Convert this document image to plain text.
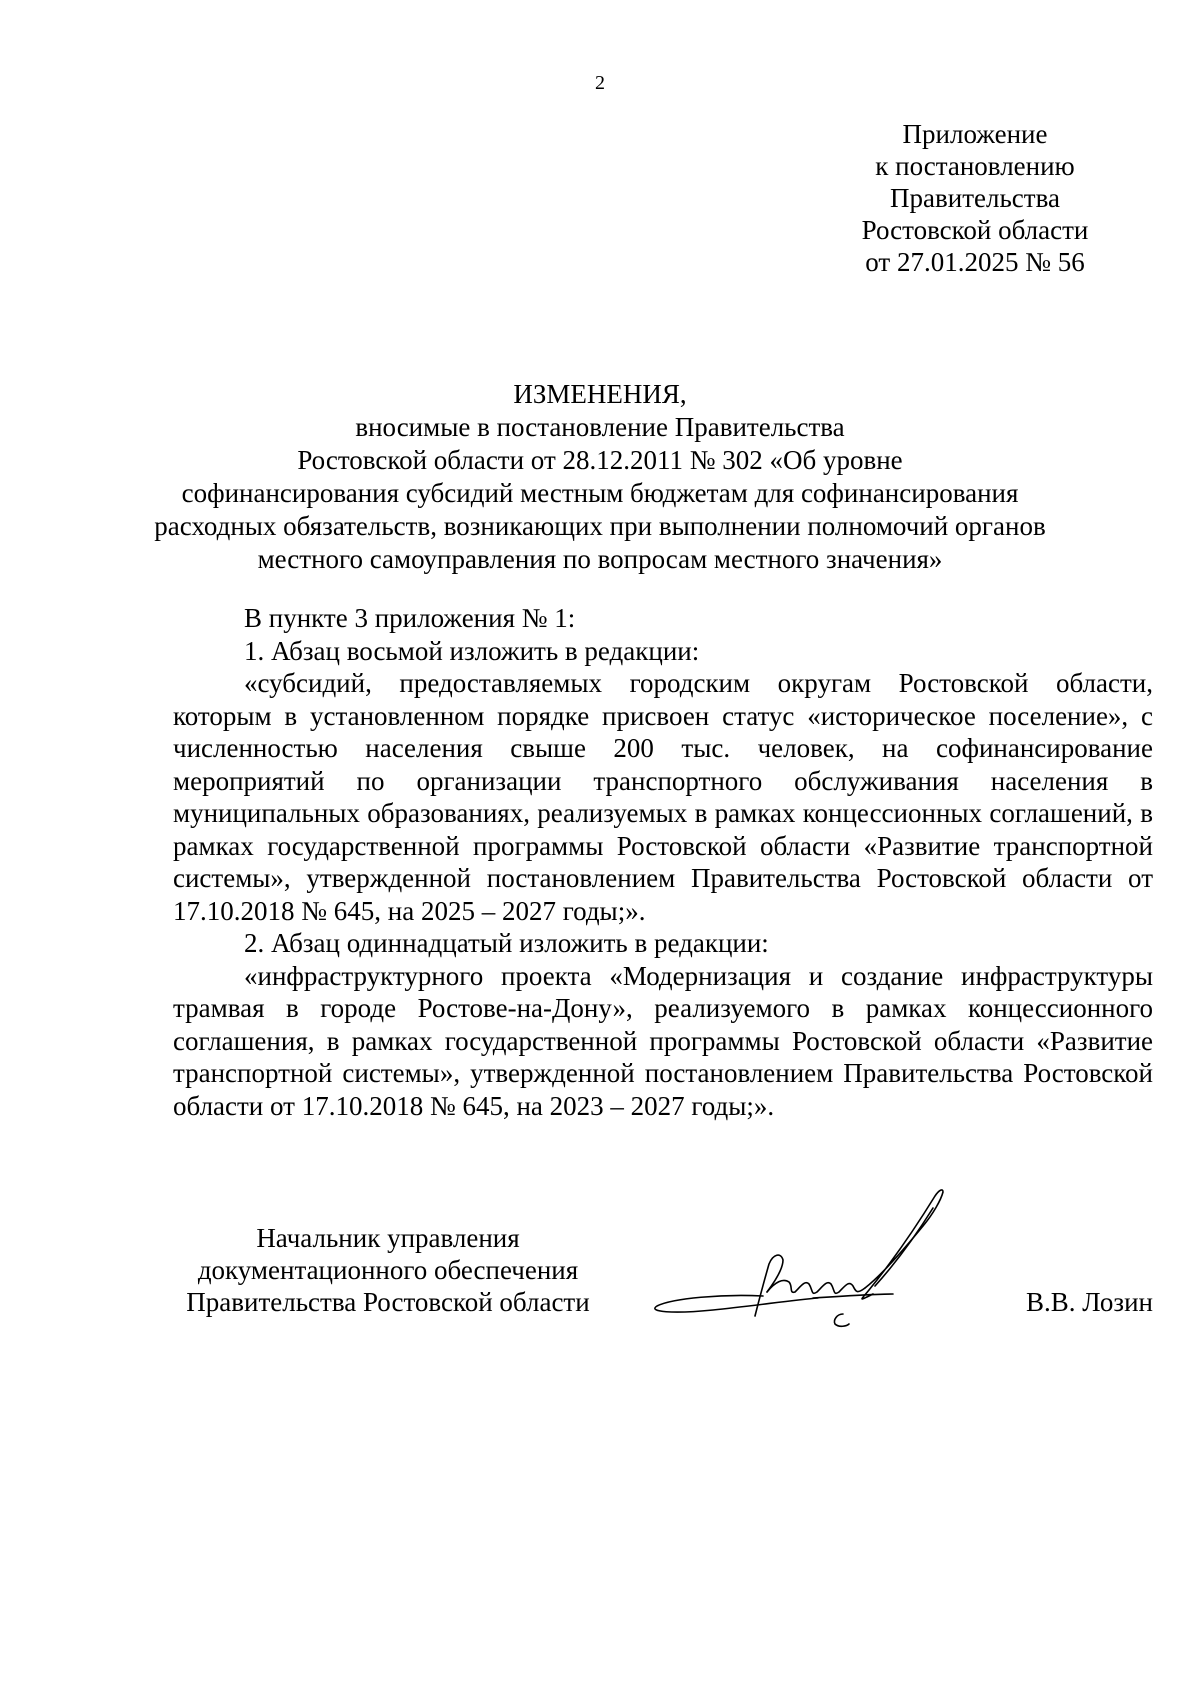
2
Приложение
к постановлению
Правительства
Ростовской области
от 27.01.2025 № 56
ИЗМЕНЕНИЯ,
вносимые в постановление Правительства
Ростовской области от 28.12.2011 № 302 «Об уровне
софинансирования субсидий местным бюджетам для софинансирования
расходных обязательств, возникающих при выполнении полномочий органов
местного самоуправления по вопросам местного значения»

В пункте 3 приложения № 1:

1. Абзац восьмой изложить в редакции:

«субсидий, предоставляемых городским округам Ростовской области, которым в установленном порядке присвоен статус «историческое поселение», с численностью населения свыше 200 тыс. человек, на софинансирование мероприятий по организации транспортного обслуживания населения в муниципальных образованиях, реализуемых в рамках концессионных соглашений, в рамках государственной программы Ростовской области «Развитие транспортной системы», утвержденной постановлением Правительства Ростовской области от 17.10.2018 № 645, на 2025 – 2027 годы;».

2. Абзац одиннадцатый изложить в редакции:

«инфраструктурного проекта «Модернизация и создание инфраструктуры трамвая в городе Ростове-на-Дону», реализуемого в рамках концессионного соглашения, в рамках государственной программы Ростовской области «Развитие транспортной системы», утвержденной постановлением Правительства Ростовской области от 17.10.2018 № 645, на 2023 – 2027 годы;».

Начальник управления
документационного обеспечения
Правительства Ростовской области	В.В. Лозин
